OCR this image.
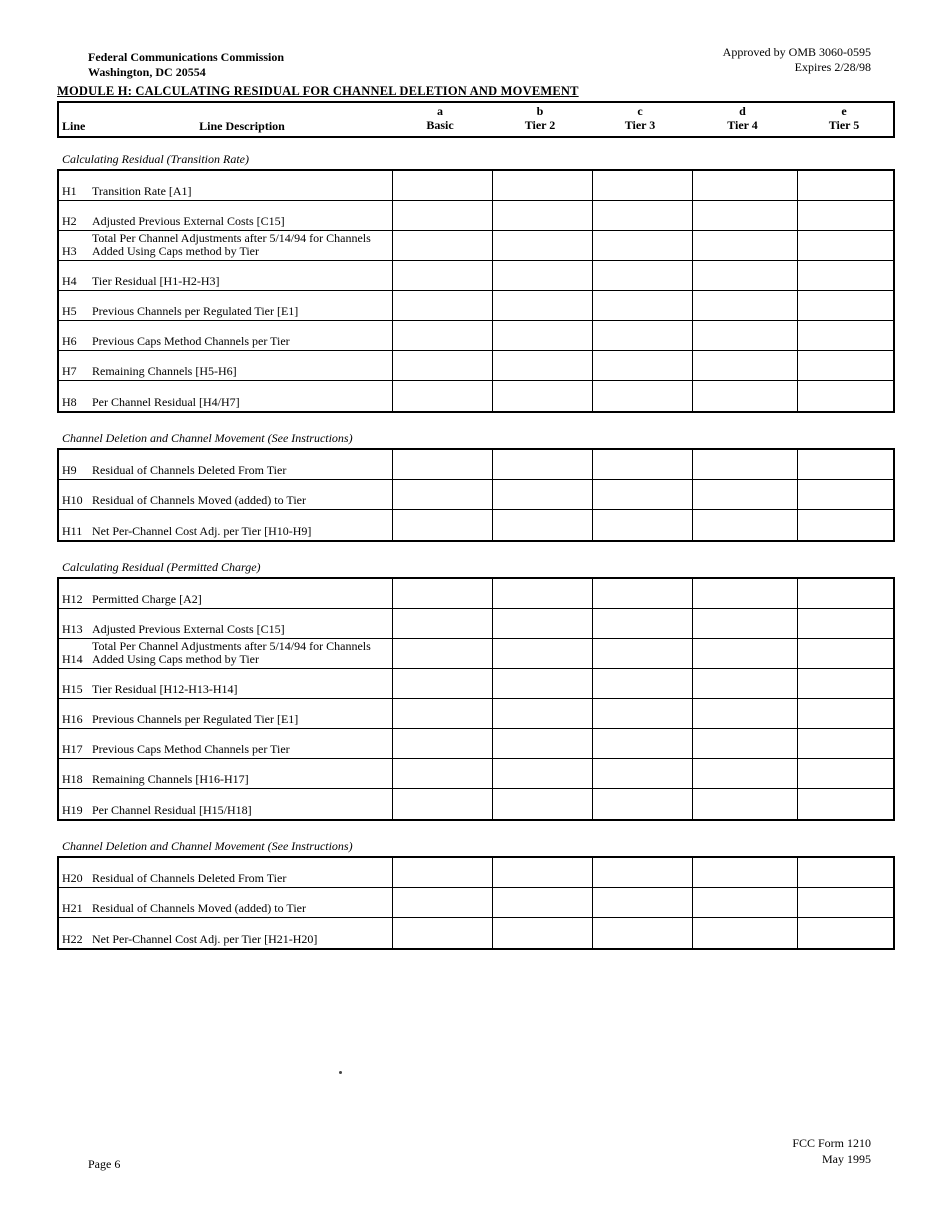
Federal Communications Commission
Washington, DC 20554
Approved by OMB 3060-0595
Expires 2/28/98
MODULE H: CALCULATING RESIDUAL FOR CHANNEL DELETION AND MOVEMENT
a	b	c	d	e
Basic	Tier 2	Tier 3	Tier 4	Tier 5
Line	Line Description
Calculating Residual (Transition Rate)
H1 Transition Rate [A1]
H2 Adjusted Previous External Costs [C15]
Total Per Channel Adjustments after 5/14/94 for Channels
H3 Added Using Caps method by Tier
H4 Tier Residual [H1-H2-H3]
H5 Previous Channels per Regulated Tier [E1]
H6 Previous Caps Method Channels per Tier
H7 Remaining Channels [H5-H6]
H8 Per Channel Residual [H4/H7]
Channel Deletion and Channel Movement (See Instructions)
H9 Residual of Channels Deleted From Tier
H10 Residual of Channels Moved (added) to Tier
H11 Net Per-Channel Cost Adj. per Tier [H10-H9]
Calculating Residual (Permitted Charge)
H12 Permitted Charge [A2]
H13 Adjusted Previous External Costs [C15]
Total Per Channel Adjustments after 5/14/94 for Channels
H14 Added Using Caps method by Tier
H15 Tier Residual [H12-H13-H14]
H16 Previous Channels per Regulated Tier [E1]
H17 Previous Caps Method Channels per Tier
H18 Remaining Channels [H16-H17]
H19 Per Channel Residual [H15/H18]
Channel Deletion and Channel Movement (See Instructions)
H20 Residual of Channels Deleted From Tier
H21 Residual of Channels Moved (added) to Tier
H22 Net Per-Channel Cost Adj. per Tier [H21-H20]
Page 6
FCC Form 1210
May 1995
